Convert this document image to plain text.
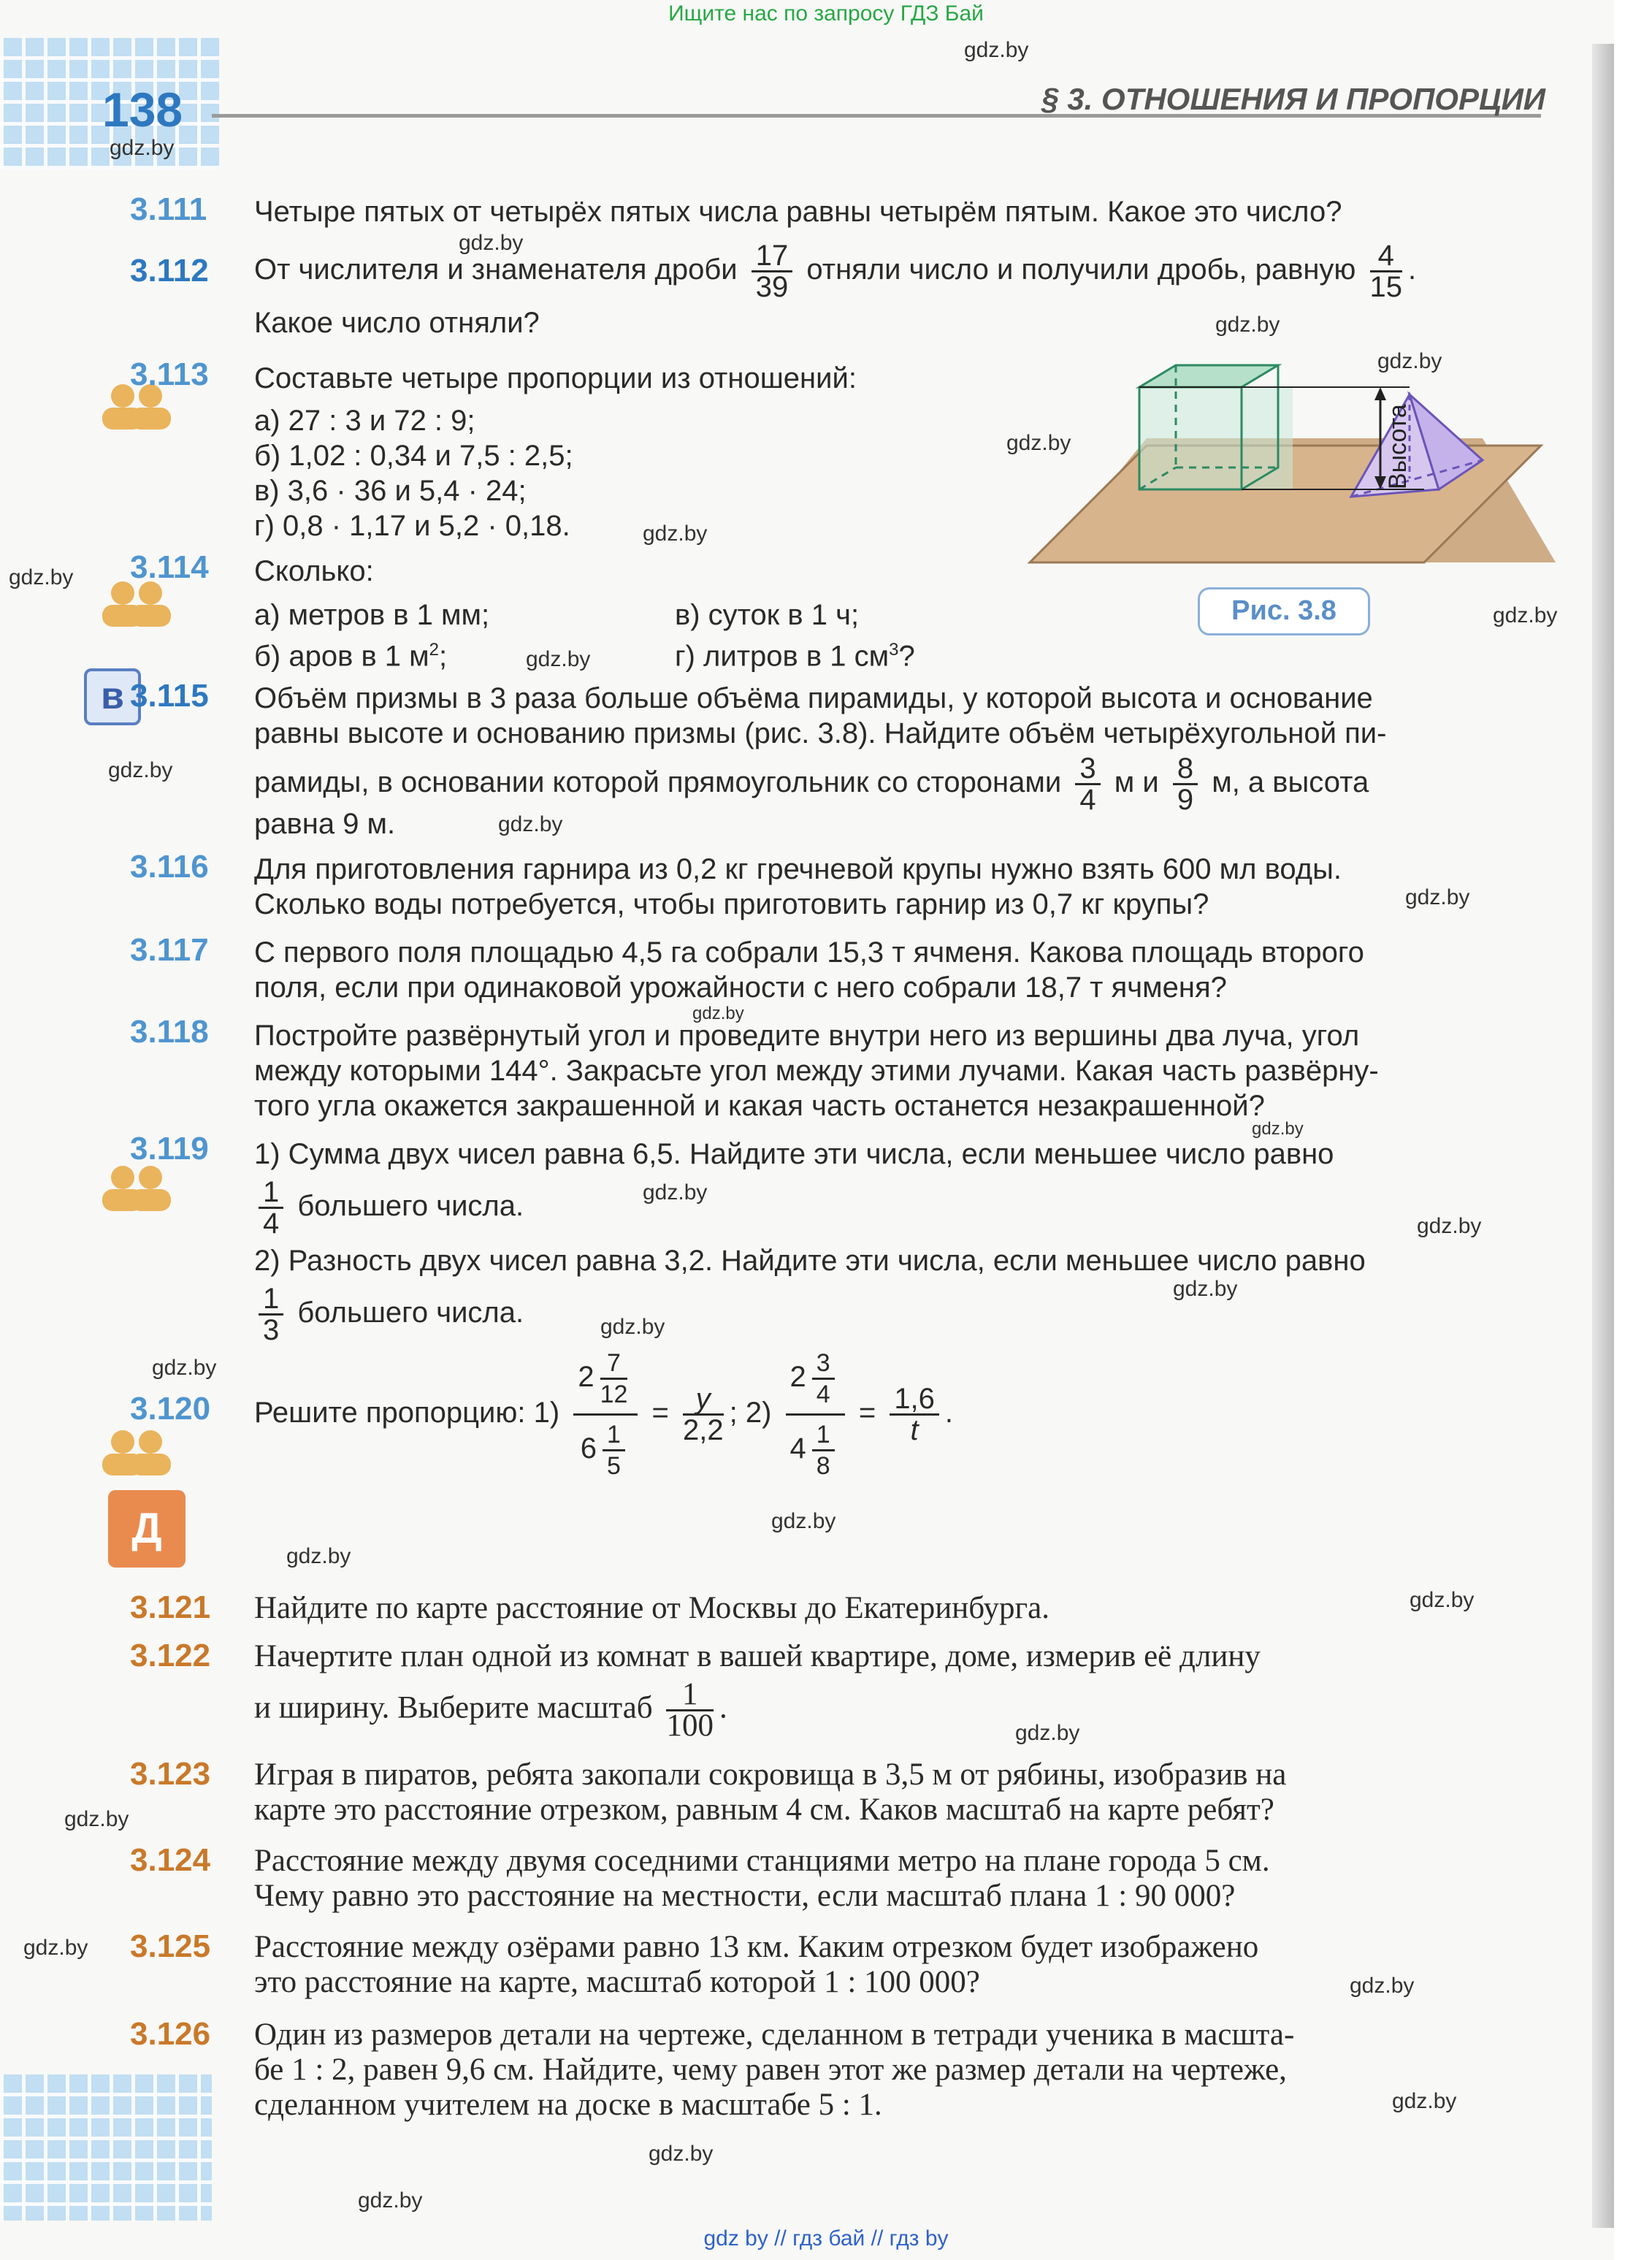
Ищите нас по запросу ГДЗ Бай
gdz by // гдз бай // гдз by
138	§ 3. ОТНОШЕНИЯ И ПРОПОРЦИИ
gdz.by
gdz.by
gdz.by
gdz.by
gdz.by
gdz.by
gdz.by
gdz.by
gdz.by
gdz.by
gdz.by
gdz.by
gdz.by
gdz.by
gdz.by
gdz.by
gdz.by
gdz.by
gdz.by
gdz.by
gdz.by
gdz.by
gdz.by
gdz.by
gdz.by
gdz.by
gdz.by
gdz.by
gdz.by
gdz.by
Высота
Рис. 3.8
в
Д
3.111 Четыре пятых от четырёх пятых числа равны четырём пятым. Какое это число?
3.112 От числителя и знаменателя дроби $\frac{17}{39}$ отняли число и получили дробь, равную $\frac{4}{15}$ .
Какое число отняли?
3.113 Составьте четыре пропорции из отношений:
а) 27 : 3 и 72 : 9;
б) 1,02 : 0,34 и 7,5 : 2,5;
в) 3,6 · 36 и 5,4 · 24;
г) 0,8 · 1,17 и 5,2 · 0,18.
3.114 Сколько:
а) метров в 1 мм;	в) суток в 1 ч;
б) аров в 1 $м^2$;	г) литров в 1 $см^3$?
3.115 Объём призмы в 3 раза больше объёма пирамиды, у которой высота и основание
равны высоте и основанию призмы (рис. 3.8). Найдите объём четырёхугольной пи-
рамиды, в основании которой прямоугольник со сторонами $\frac{3}{4}$ м и $\frac{8}{9} м$, а высота
равна 9 м.
3.116 Для приготовления гарнира из 0,2 кг гречневой крупы нужно взять 600 мл воды.
Сколько воды потребуется, чтобы приготовить гарнир из 0,7 кг крупы?
3.117 С первого поля площадью 4,5 га собрали 15,3 т ячменя. Какова площадь второго
поля, если при одинаковой урожайности с него собрали 18,7 т ячменя?
3.118 Постройте развёрнутый угол и проведите внутри него из вершины два луча, угол
между которыми 144°. Закрасьте угол между этими лучами. Какая часть развёрну-
того угла окажется закрашенной и какая часть останется незакрашенной?
3.119 1) Сумма двух чисел равна 6,5. Найдите эти числа, если меньшее число равно
$\frac{1}{4}$ большего числа.
2) Разность двух чисел равна 3,2. Найдите эти числа, если меньшее число равно
$\frac{1}{3}$ большего числа.
3.120 Решите пропорцию: $1) \frac{2 \frac{7}{12}}{6 \frac{1}{5}} = \frac{y}{2,2}$ ; $2) \frac{2 \frac{3}{4}}{4 \frac{1}{8}} = \frac{1,6}{t}$ .
3.121 Найдите по карте расстояние от Москвы до Екатеринбурга.
3.122 Начертите план одной из комнат в вашей квартире, доме, измерив её длину
и ширину. Выберите масштаб $\frac{1}{100}$ .
3.123 Играя в пиратов, ребята закопали сокровища в 3,5 м от рябины, изобразив на
карте это расстояние отрезком, равным 4 см. Каков масштаб на карте ребят?
3.124 Расстояние между двумя соседними станциями метро на плане города 5 см.
Чему равно это расстояние на местности, если масштаб плана 1 : 90 000?
3.125 Расстояние между озёрами равно 13 км. Каким отрезком будет изображено
это расстояние на карте, масштаб которой 1 : 100 000?
3.126 Один из размеров детали на чертеже, сделанном в тетради ученика в масшта-
бе 1 : 2, равен 9,6 см. Найдите, чему равен этот же размер детали на чертеже,
сделанном учителем на доске в масштабе 5 : 1.
